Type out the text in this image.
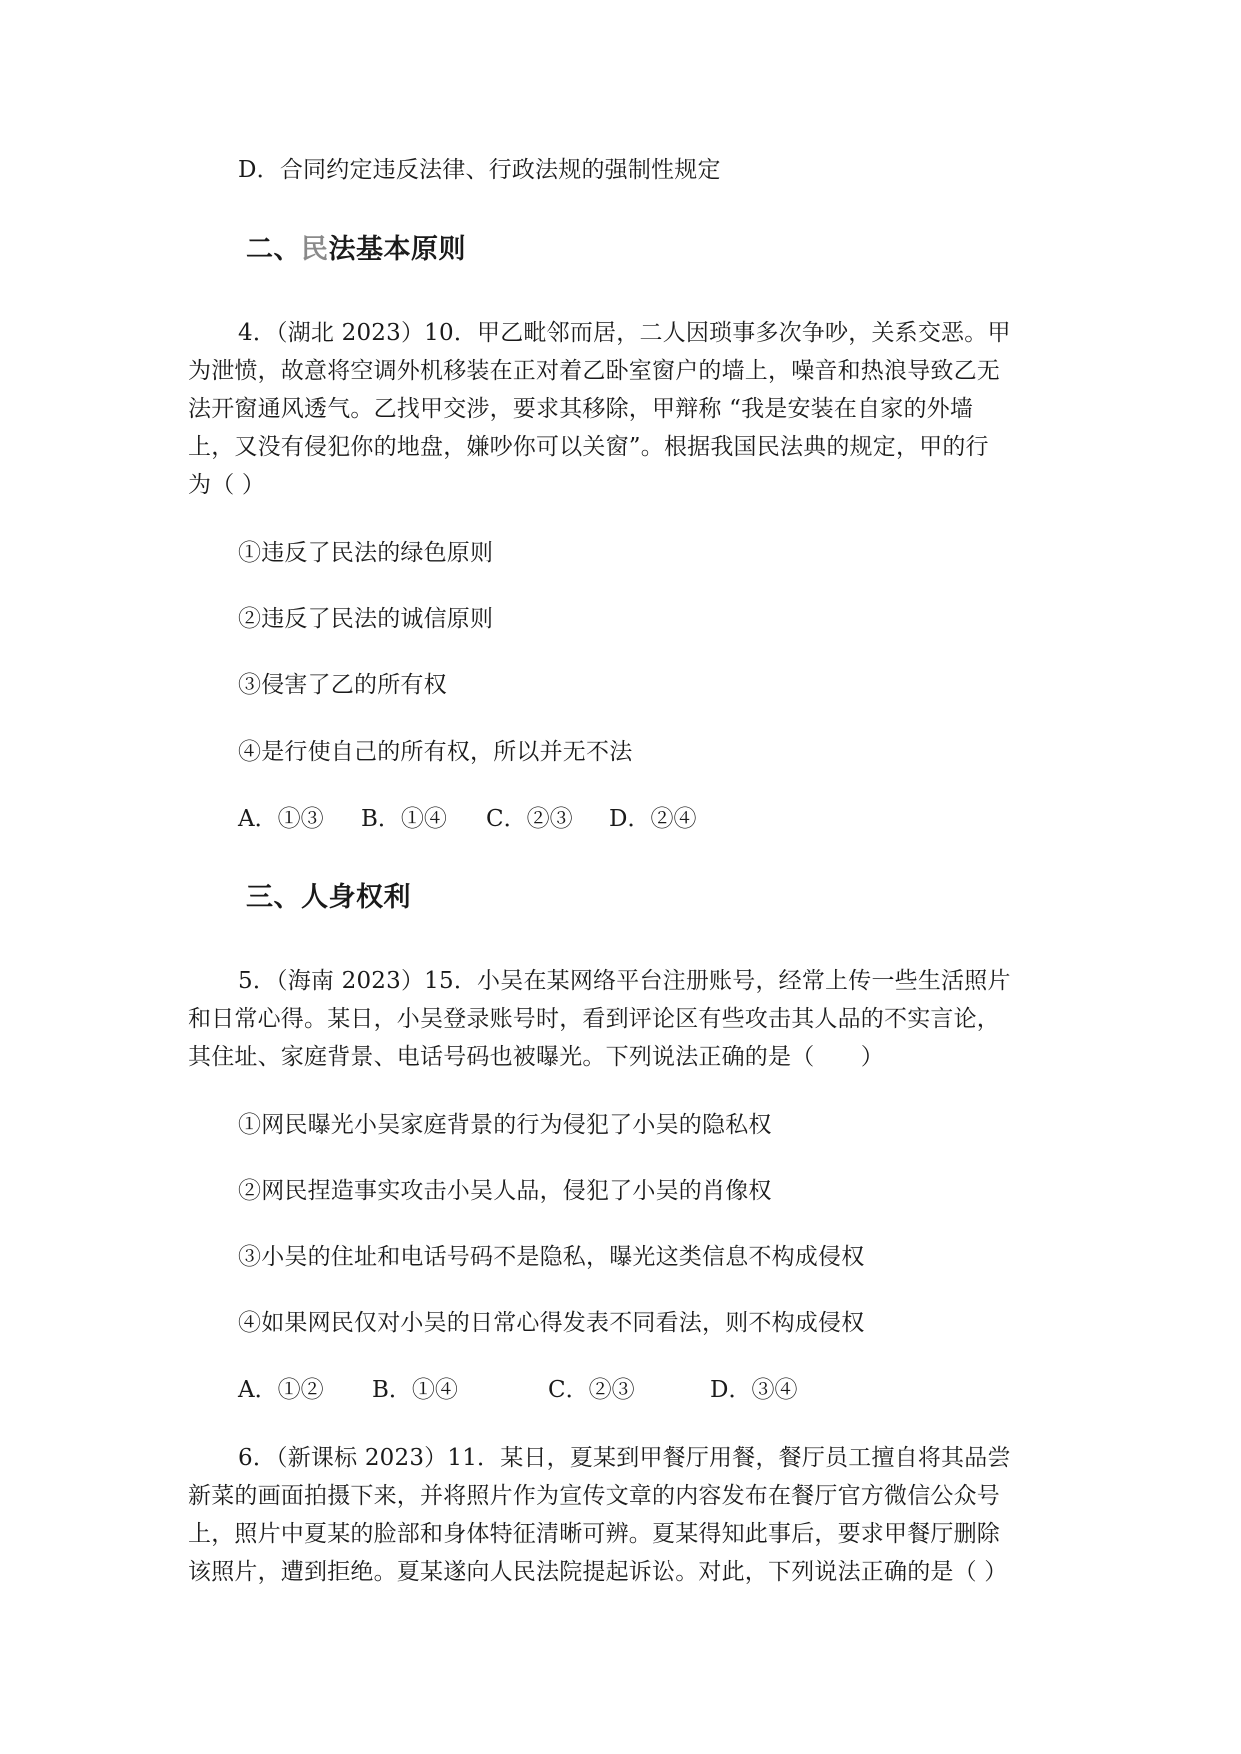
D．合同约定违反法律、行政法规的强制性规定
二、民法基本原则
4．（湖北 2023）10．甲乙毗邻而居，二人因琐事多次争吵，关系交恶。甲
为泄愤，故意将空调外机移装在正对着乙卧室窗户的墙上，噪音和热浪导致乙无
法开窗通风透气。乙找甲交涉，要求其移除，甲辩称 “我是安装在自家的外墙
上，又没有侵犯你的地盘，嫌吵你可以关窗”。根据我国民法典的规定，甲的行
为（ ）
①违反了民法的绿色原则
②违反了民法的诚信原则
③侵害了乙的所有权
④是行使自己的所有权，所以并无不法
A．①③ B．①④ C．②③ D．②④
三、人身权利
5．（海南 2023）15．小吴在某网络平台注册账号，经常上传一些生活照片
和日常心得。某日，小吴登录账号时，看到评论区有些攻击其人品的不实言论，
其住址、家庭背景、电话号码也被曝光。下列说法正确的是（　　）
①网民曝光小吴家庭背景的行为侵犯了小吴的隐私权
②网民捏造事实攻击小吴人品，侵犯了小吴的肖像权
③小吴的住址和电话号码不是隐私，曝光这类信息不构成侵权
④如果网民仅对小吴的日常心得发表不同看法，则不构成侵权
A．①② B．①④	C．②③	D．③④
6．（新课标 2023）11．某日，夏某到甲餐厅用餐，餐厅员工擅自将其品尝
新菜的画面拍摄下来，并将照片作为宣传文章的内容发布在餐厅官方微信公众号
上，照片中夏某的脸部和身体特征清晰可辨。夏某得知此事后，要求甲餐厅删除
该照片，遭到拒绝。夏某遂向人民法院提起诉讼。对此，下列说法正确的是（ ）
